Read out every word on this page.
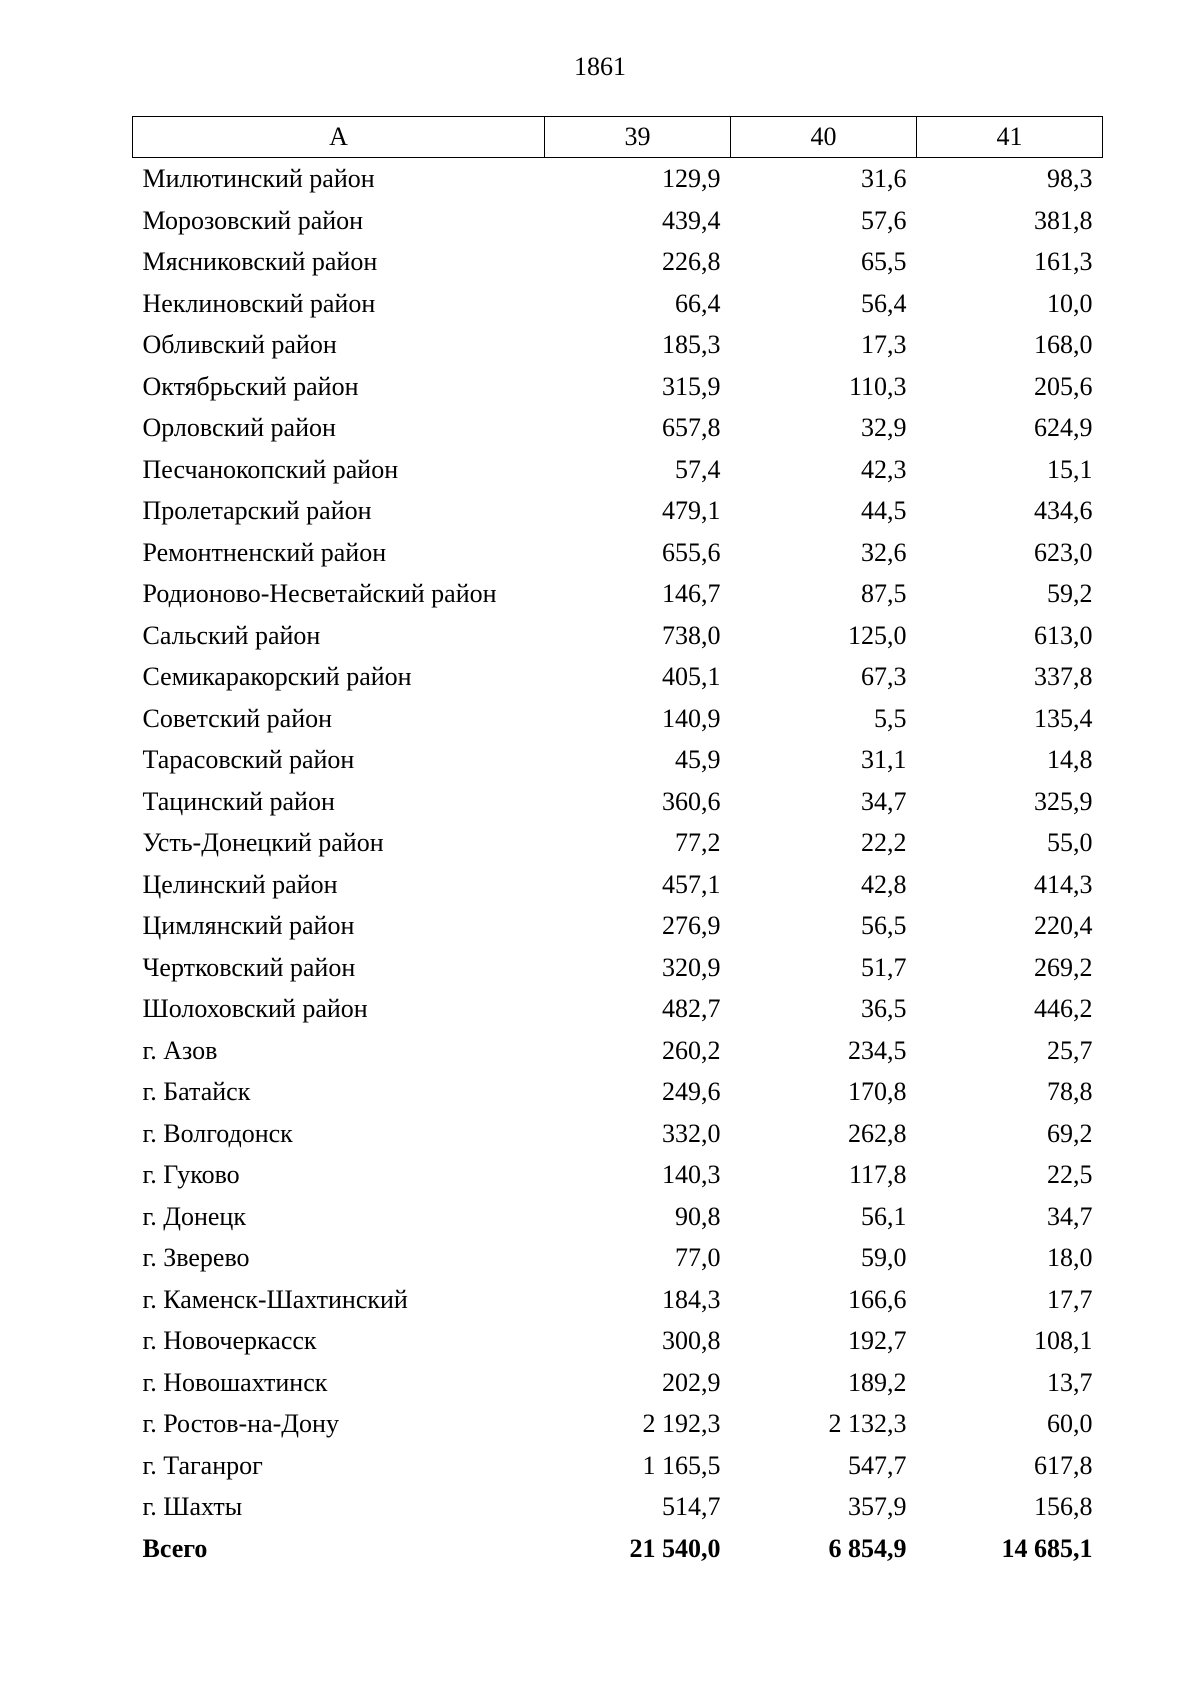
1861
А	39	40	41
Милютинский район	129,9	31,6	98,3
Морозовский район	439,4	57,6	381,8
Мясниковский район	226,8	65,5	161,3
Неклиновский район	66,4	56,4	10,0
Обливский район	185,3	17,3	168,0
Октябрьский район	315,9	110,3	205,6
Орловский район	657,8	32,9	624,9
Песчанокопский район	57,4	42,3	15,1
Пролетарский район	479,1	44,5	434,6
Ремонтненский район	655,6	32,6	623,0
Родионово-Несветайский район	146,7	87,5	59,2
Сальский район	738,0	125,0	613,0
Семикаракорский район	405,1	67,3	337,8
Советский район	140,9	5,5	135,4
Тарасовский район	45,9	31,1	14,8
Тацинский район	360,6	34,7	325,9
Усть-Донецкий район	77,2	22,2	55,0
Целинский район	457,1	42,8	414,3
Цимлянский район	276,9	56,5	220,4
Чертковский район	320,9	51,7	269,2
Шолоховский район	482,7	36,5	446,2
г. Азов	260,2	234,5	25,7
г. Батайск	249,6	170,8	78,8
г. Волгодонск	332,0	262,8	69,2
г. Гуково	140,3	117,8	22,5
г. Донецк	90,8	56,1	34,7
г. Зверево	77,0	59,0	18,0
г. Каменск-Шахтинский	184,3	166,6	17,7
г. Новочеркасск	300,8	192,7	108,1
г. Новошахтинск	202,9	189,2	13,7
г. Ростов-на-Дону	2 192,3	2 132,3	60,0
г. Таганрог	1 165,5	547,7	617,8
г. Шахты	514,7	357,9	156,8
Всего	21 540,0	6 854,9	14 685,1
